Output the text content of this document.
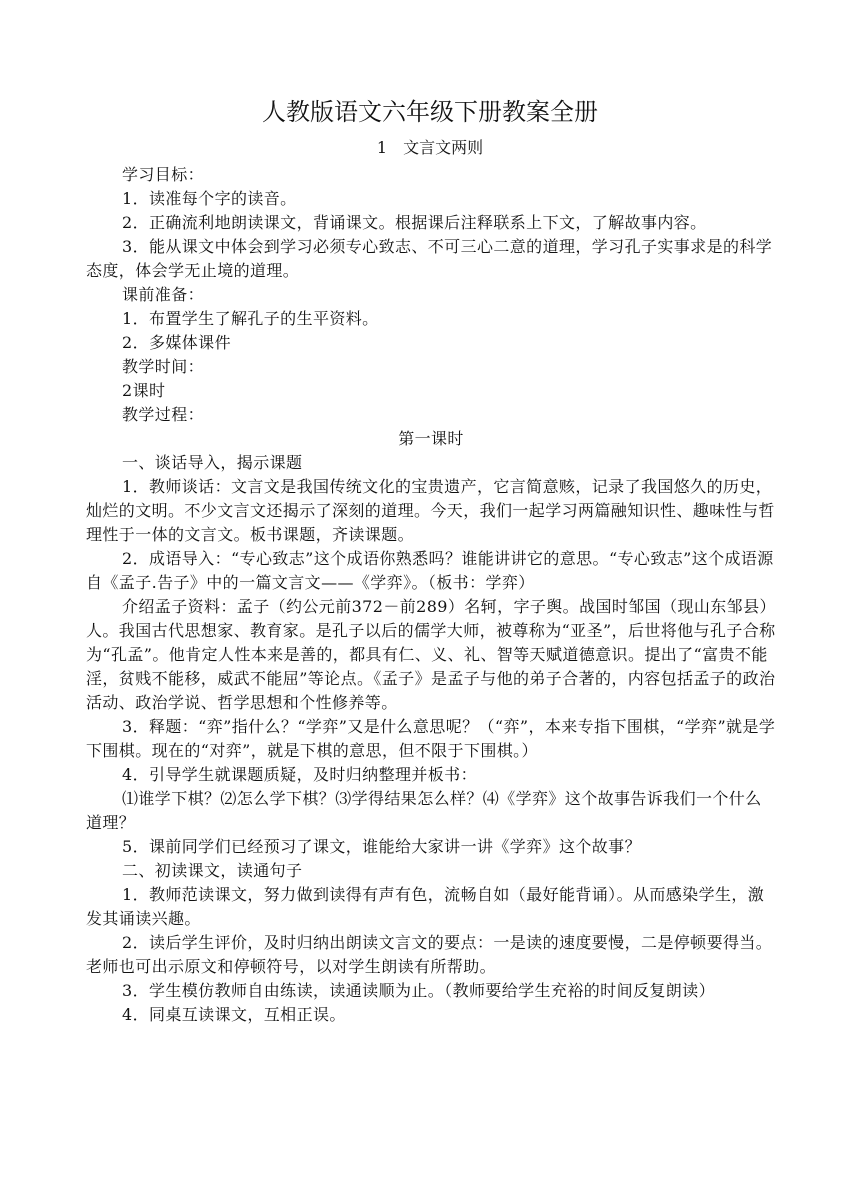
人教版语文六年级下册教案全册
1　文言文两则

学习目标：

1．读准每个字的读音。

2．正确流利地朗读课文，背诵课文。根据课后注释联系上下文，了解故事内容。

3．能从课文中体会到学习必须专心致志、不可三心二意的道理，学习孔子实事求是的科学态度，体会学无止境的道理。

课前准备：

1．布置学生了解孔子的生平资料。

2．多媒体课件

教学时间：

2课时

教学过程：

第一课时

一、谈话导入，揭示课题

1．教师谈话：文言文是我国传统文化的宝贵遗产，它言简意赅，记录了我国悠久的历史，灿烂的文明。不少文言文还揭示了深刻的道理。今天，我们一起学习两篇融知识性、趣味性与哲理性于一体的文言文。板书课题，齐读课题。

2．成语导入：“专心致志”这个成语你熟悉吗？谁能讲讲它的意思。“专心致志”这个成语源自《孟子.告子》中的一篇文言文——《学弈》。（板书：学弈）

介绍孟子资料：孟子（约公元前372－前289）名轲，字子舆。战国时邹国（现山东邹县）人。我国古代思想家、教育家。是孔子以后的儒学大师，被尊称为“亚圣”，后世将他与孔子合称为“孔孟”。他肯定人性本来是善的，都具有仁、义、礼、智等天赋道德意识。提出了“富贵不能淫，贫贱不能移，威武不能屈”等论点。《孟子》是孟子与他的弟子合著的，内容包括孟子的政治活动、政治学说、哲学思想和个性修养等。

3．释题：“弈”指什么？“学弈”又是什么意思呢？（“弈”，本来专指下围棋，“学弈”就是学下围棋。现在的“对弈”，就是下棋的意思，但不限于下围棋。）

4．引导学生就课题质疑，及时归纳整理并板书：

⑴谁学下棋？⑵怎么学下棋？⑶学得结果怎么样？⑷《学弈》这个故事告诉我们一个什么道理？

5．课前同学们已经预习了课文，谁能给大家讲一讲《学弈》这个故事？

二、初读课文，读通句子

1．教师范读课文，努力做到读得有声有色，流畅自如（最好能背诵）。从而感染学生，激发其诵读兴趣。

2．读后学生评价，及时归纳出朗读文言文的要点：一是读的速度要慢，二是停顿要得当。老师也可出示原文和停顿符号，以对学生朗读有所帮助。

3．学生模仿教师自由练读，读通读顺为止。（教师要给学生充裕的时间反复朗读）

4．同桌互读课文，互相正误。
